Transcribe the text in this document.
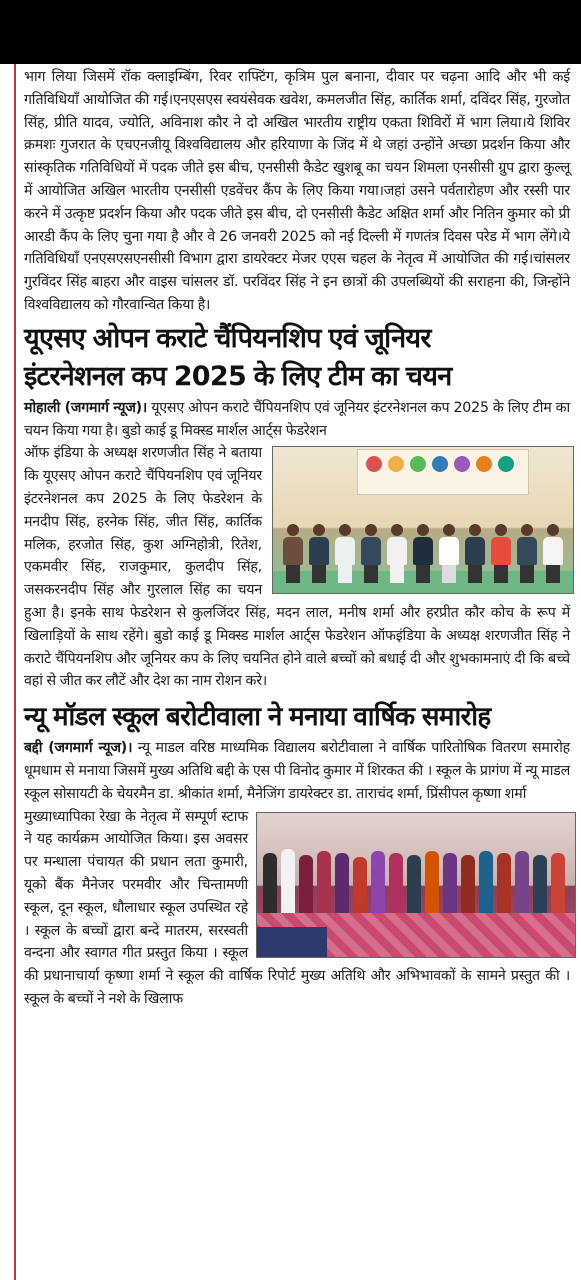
भाग लिया जिसमें रॉक क्लाइम्बिंग, रिवर राफ्टिंग, कृत्रिम पुल बनाना, दीवार पर चढ़ना आदि और भी कई गतिविधियाँ आयोजित की गई।एनएसएस स्वयंसेवक खवेश, कमलजीत सिंह, कार्तिक शर्मा, दविंदर सिंह, गुरजोत सिंह, प्रीति यादव, ज्योति, अविनाश कौर ने दो अखिल भारतीय राष्ट्रीय एकता शिविरों में भाग लिया।ये शिविर क्रमशः गुजरात के एचएनजीयू विश्वविद्यालय और हरियाणा के जिंद में थे जहां उन्होंने अच्छा प्रदर्शन किया और सांस्कृतिक गतिविधियों में पदक जीते इस बीच, एनसीसी कैडेट खुशबू का चयन शिमला एनसीसी ग्रुप द्वारा कुल्लू में आयोजित अखिल भारतीय एनसीसी एडवेंचर कैंप के लिए किया गया।जहां उसने पर्वतारोहण और रस्सी पार करने में उत्कृष्ट प्रदर्शन किया और पदक जीते इस बीच, दो एनसीसी कैडेट अक्षित शर्मा और नितिन कुमार को प्री आरडी कैंप के लिए चुना गया है और वे 26 जनवरी 2025 को नई दिल्ली में गणतंत्र दिवस परेड में भाग लेंगे।ये गतिविधियाँ एनएसएसएनसीसी विभाग द्वारा डायरेक्टर मेजर एएस चहल के नेतृत्व में आयोजित की गई।चांसलर गुरविंदर सिंह बाहरा और वाइस चांसलर डॉ. परविंदर सिंह ने इन छात्रों की उपलब्धियों की सराहना की, जिन्होंने विश्वविद्यालय को गौरवान्वित किया है।

यूएसए ओपन कराटे चैंपियनशिप एवं जूनियर
इंटरनेशनल कप 2025 के लिए टीम का चयन

मोहाली (जगमार्ग न्यूज)। यूएसए ओपन कराटे चैंपियनशिप एवं जूनियर इंटरनेशनल कप 2025 के लिए टीम का चयन किया गया है। बुडो काई डू मिक्स्ड मार्शल आर्ट्स फेडरेशन

ऑफ इंडिया के अध्यक्ष शरणजीत सिंह ने बताया कि यूएसए ओपन कराटे चैंपियनशिप एवं जूनियर इंटरनेशनल कप 2025 के लिए फेडरेशन के मनदीप सिंह, हरनेक सिंह, जीत सिंह, कार्तिक मलिक, हरजोत सिंह, कुश अग्निहोत्री, रितेश, एकमवीर सिंह, राजकुमार, कुलदीप सिंह, जसकरनदीप सिंह और गुरलाल सिंह का चयन हुआ है। इनके साथ फेडरेशन से कुलजिंदर सिंह, मदन लाल, मनीष शर्मा और हरप्रीत कौर कोच के रूप में खिलाड़ियों के साथ रहेंगे। बुडो काई डू मिक्स्ड मार्शल आर्ट्स फेडरेशन ऑफइंडिया के अध्यक्ष शरणजीत सिंह ने कराटे चैंपियनशिप और जूनियर कप के लिए चयनित होने वाले बच्चों को बधाई दी और शुभकामनाएं दी कि बच्चे वहां से जीत कर लौटें और देश का नाम रोशन करे।

न्यू मॉडल स्कूल बरोटीवाला ने मनाया वार्षिक समारोह

बद्दी (जगमार्ग न्यूज)। न्यू माडल वरिष्ठ माध्यमिक विद्यालय बरोटीवाला ने वार्षिक पारितोषिक वितरण समारोह धूमधाम से मनाया जिसमें मुख्य अतिथि बद्दी के एस पी विनोद कुमार में शिरकत की । स्कूल के प्रागंण में न्यू माडल स्कूल सोसायटी के चेयरमैन डा. श्रीकांत शर्मा, मैनेजिंग डायरेक्टर डा. ताराचंद शर्मा, प्रिंसीपल कृष्णा शर्मा

मुख्याध्यापिका रेखा के नेतृत्व में सम्पूर्ण स्टाफ ने यह कार्यक्रम आयोजित किया। इस अवसर पर मन्धाला पंचायत की प्रधान लता कुमारी, यूको बैंक मैनेजर परमवीर और चिन्तामणी स्कूल, दून स्कूल, धौलाधार स्कूल उपस्थित रहे । स्कूल के बच्चों द्वारा बन्दे मातरम, सरस्वती वन्दना और स्वागत गीत प्रस्तुत किया । स्कूल की प्रधानाचार्या कृष्णा शर्मा ने स्कूल की वार्षिक रिपोर्ट मुख्य अतिथि और अभिभावकों के सामने प्रस्तुत की । स्कूल के बच्चों ने नशे के खिलाफ
